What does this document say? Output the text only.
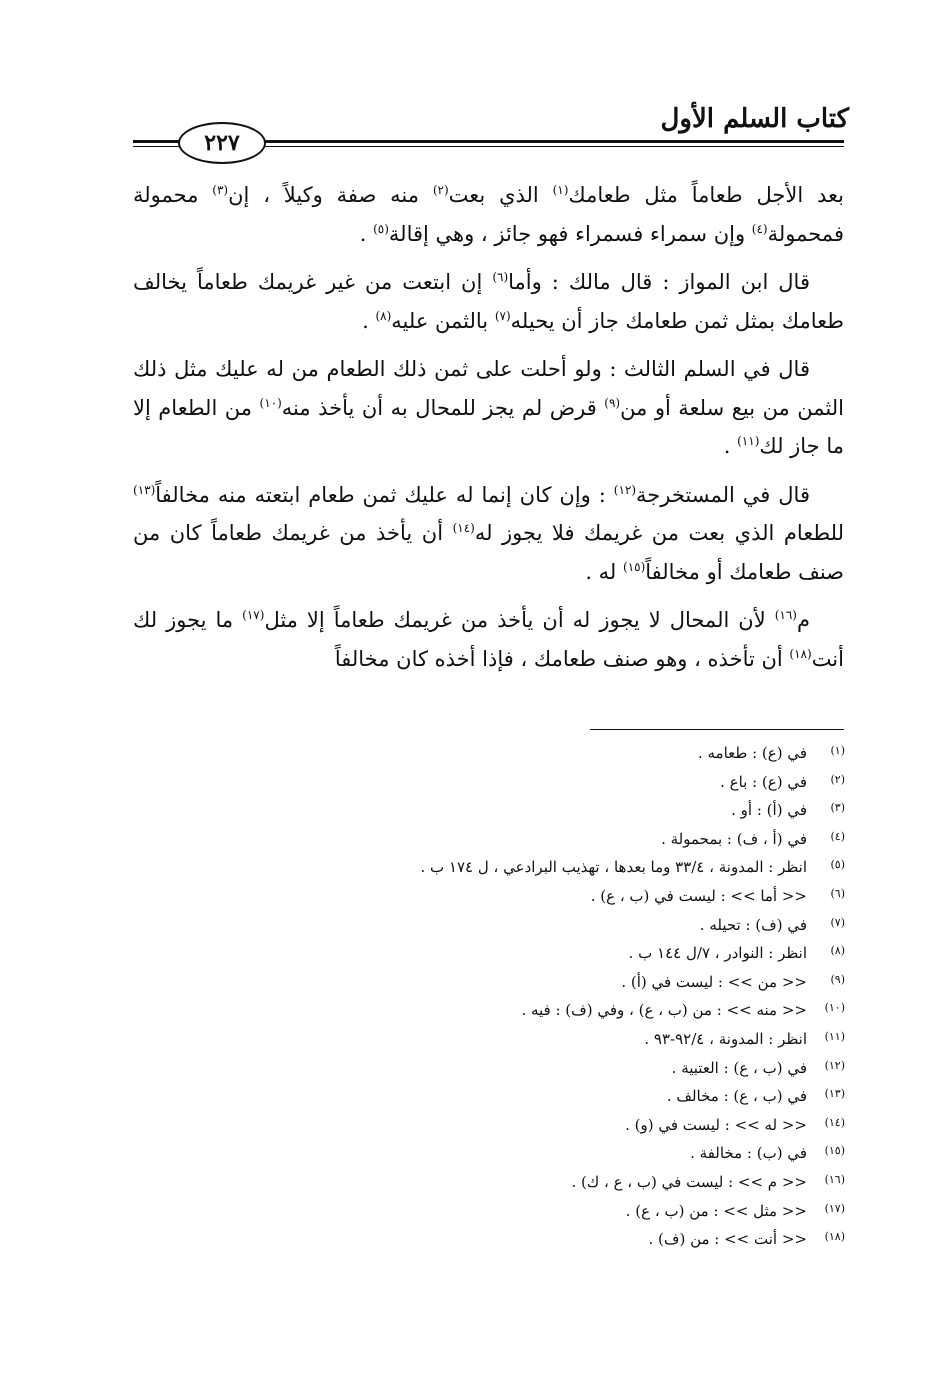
كتاب السلم الأول
٢٢٧

بعد الأجل طعاماً مثل طعامك$^{(١)}$ الذي بعت$^{(٢)}$ منه صفة وكيلاً ، إن$^{(٣)}$ محمولة فمحمولة$^{(٤)}$ وإن سمراء فسمراء فهو جائز ، وهي إقالة$^{(٥)}$ .

قال ابن المواز : قال مالك : وأما$^{(٦)}$ إن ابتعت من غير غريمك طعاماً يخالف طعامك بمثل ثمن طعامك جاز أن يحيله$^{(٧)}$ بالثمن عليه$^{(٨)}$ .

قال في السلم الثالث : ولو أحلت على ثمن ذلك الطعام من له عليك مثل ذلك الثمن من بيع سلعة أو من$^{(٩)}$ قرض لم يجز للمحال به أن يأخذ منه$^{(١٠)}$ من الطعام إلا ما جاز لك$^{(١١)}$ .

قال في المستخرجة$^{(١٢)}$ : وإن كان إنما له عليك ثمن طعام ابتعته منه مخالفاً$^{(١٣)}$ للطعام الذي بعت من غريمك فلا يجوز له$^{(١٤)}$ أن يأخذ من غريمك طعاماً كان من صنف طعامك أو مخالفاً$^{(١٥)}$ له .

م$^{(١٦)}$ لأن المحال لا يجوز له أن يأخذ من غريمك طعاماً إلا مثل$^{(١٧)}$ ما يجوز لك أنت$^{(١٨)}$ أن تأخذه ، وهو صنف طعامك ، فإذا أخذه كان مخالفاً

(١)في (ع) : طعامه .
(٢)في (ع) : باع .
(٣)في (أ) : أو .
(٤)في (أ ، ف) : بمحمولة .
(٥)انظر : المدونة ، ٣٣/٤ وما بعدها ، تهذيب البرادعي ، ل ١٧٤ ب .
(٦)<< أما >> : ليست في (ب ، ع) .
(٧)في (ف) : تحيله .
(٨)انظر : النوادر ، ٧/ل ١٤٤ ب .
(٩)<< من >> : ليست في (أ) .
(١٠)<< منه >> : من (ب ، ع) ، وفي (ف) : فيه .
(١١)انظر : المدونة ، ٩٢/٤-٩٣ .
(١٢)في (ب ، ع) : العتبية .
(١٣)في (ب ، ع) : مخالف .
(١٤)<< له >> : ليست في (و) .
(١٥)في (ب) : مخالفة .
(١٦)<< م >> : ليست في (ب ، ع ، ك) .
(١٧)<< مثل >> : من (ب ، ع) .
(١٨)<< أنت >> : من (ف) .
